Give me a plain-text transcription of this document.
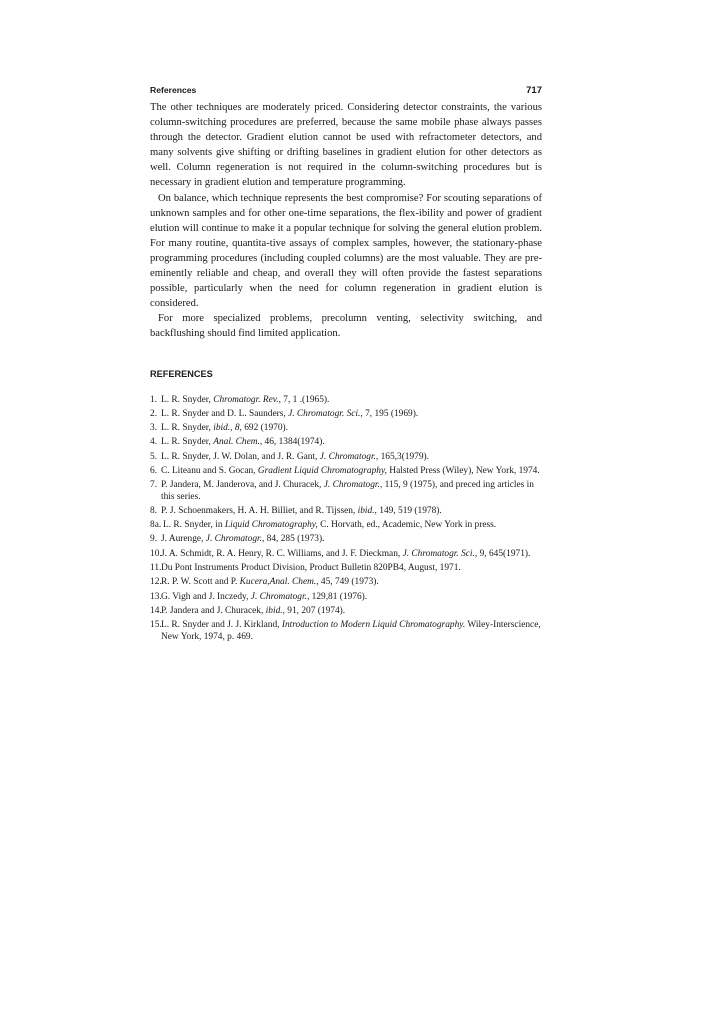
References	717

The other techniques are moderately priced. Considering detector constraints, the various column-switching procedures are preferred, because the same mobile phase always passes through the detector. Gradient elution cannot be used with refractometer detectors, and many solvents give shifting or drifting baselines in gradient elution for other detectors as well. Column regeneration is not required in the column-switching procedures but is necessary in gradient elution and temperature programming.

On balance, which technique represents the best compromise? For scouting separations of unknown samples and for other one-time separations, the flex-ibility and power of gradient elution will continue to make it a popular technique for solving the general elution problem. For many routine, quantita-tive assays of complex samples, however, the stationary-phase programming procedures (including coupled columns) are the most valuable. They are pre-eminently reliable and cheap, and overall they will often provide the fastest separations possible, particularly when the need for column regeneration in gradient elution is considered.

For more specialized problems, precolumn venting, selectivity switching, and backflushing should find limited application.

REFERENCES
1. L. R. Snyder, Chromatogr. Rev., 7, 1 .(1965).
2. L. R. Snyder and D. L. Saunders, J. Chromatogr. Sci., 7, 195 (1969).
3. L. R. Snyder, ibid., 8, 692 (1970).
4. L. R. Snyder, Anal. Chem., 46, 1384(1974).
5. L. R. Snyder, J. W. Dolan, and J. R. Gant, J. Chromatogr., 165,3(1979).
6. C. Liteanu and S. Gocan, Gradient Liquid Chromatography, Halsted Press (Wiley), New York, 1974.
7. P. Jandera, M. Janderova, and J. Churacek, J. Chromatogr., 115, 9 (1975), and preced ing articles in this series.
8. P. J. Schoenmakers, H. A. H. Billiet, and R. Tijssen, ibid., 149, 519 (1978).
8a. L. R. Snyder, in Liquid Chromatography, C. Horvath, ed., Academic, New York in press.
9. J. Aurenge, J. Chromatogr., 84, 285 (1973).
10. J. A. Schmidt, R. A. Henry, R. C. Williams, and J. F. Dieckman, J. Chromatogr. Sci., 9, 645(1971).
11. Du Pont Instruments Product Division, Product Bulletin 820PB4, August, 1971.
12. R. P. W. Scott and P. Kucera,Anal. Chem., 45, 749 (1973).
13. G. Vigh and J. Inczedy, J. Chromatogr., 129,81 (1976).
14. P. Jandera and J. Churacek, ibid., 91, 207 (1974).
15. L. R. Snyder and J. J. Kirkland, Introduction to Modern Liquid Chromatography. Wiley-Interscience, New York, 1974, p. 469.
